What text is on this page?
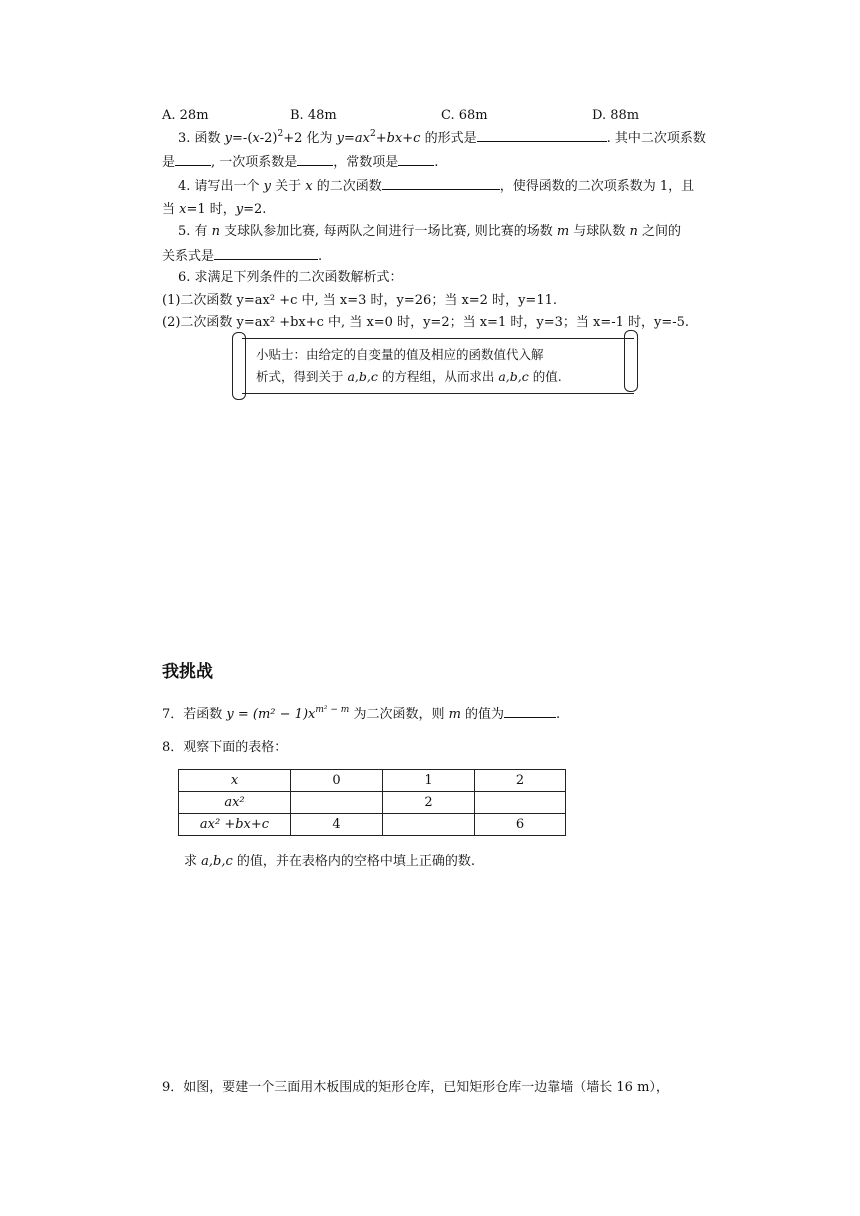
A. 28m	B. 48m	C. 68m	D. 88m
3. 函数 $y=-(x-2)^2+2$ 化为 $y=ax^2+bx+c$ 的形式是	. 其中二次项系数
是	, 一次项系数是	，常数项是	.
4. 请写出一个 y 关于 x 的二次函数	，使得函数的二次项系数为 1，且
当 x=1 时，y=2.
5. 有 n 支球队参加比赛, 每两队之间进行一场比赛, 则比赛的场数 m 与球队数 n 之间的
关系式是	.
6. 求满足下列条件的二次函数解析式：
(1)二次函数 y=ax² +c 中, 当 x=3 时，y=26；当 x=2 时，y=11.
(2)二次函数 y=ax² +bx+c 中, 当 x=0 时，y=2；当 x=1 时，y=3；当 x=-1 时，y=-5.
小贴士：由给定的自变量的值及相应的函数值代入解
析式，得到关于 a,b,c 的方程组，从而求出 a,b,c 的值.
我挑战
7．若函数 $y = (m^2 - 1)x^{m^2 - m}$ 为二次函数，则 m 的值为	.
8．观察下面的表格：
x	0	1	2
ax²		2	
ax² +bx+c	4		6
求 a,b,c 的值，并在表格内的空格中填上正确的数.
9．如图，要建一个三面用木板围成的矩形仓库，已知矩形仓库一边靠墙（墙长 16 m），
